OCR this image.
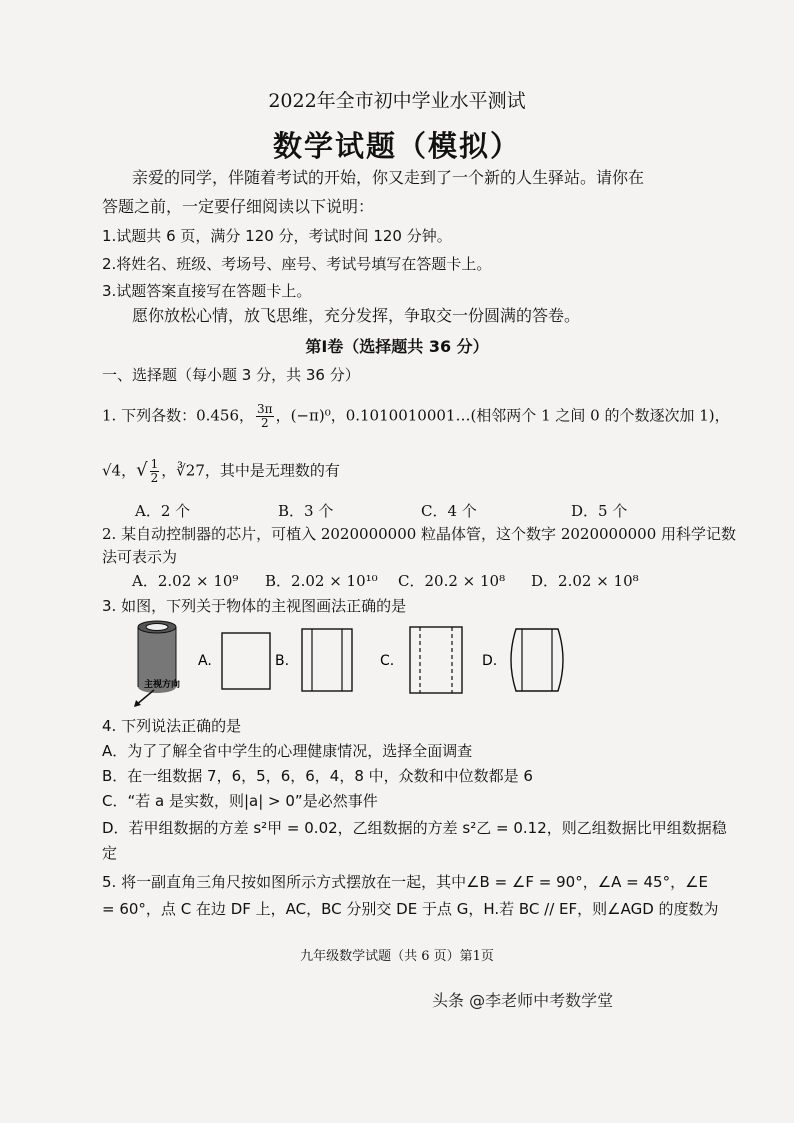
2022年全市初中学业水平测试
数学试题（模拟）
亲爱的同学，伴随着考试的开始，你又走到了一个新的人生驿站。请你在
答题之前，一定要仔细阅读以下说明：
1.试题共 6 页，满分 120 分，考试时间 120 分钟。
2.将姓名、班级、考场号、座号、考试号填写在答题卡上。
3.试题答案直接写在答题卡上。
愿你放松心情，放飞思维，充分发挥，争取交一份圆满的答卷。
第Ⅰ卷（选择题共 36 分）
一、选择题（每小题 3 分，共 36 分）
1. 下列各数：0.456， $\frac{3\pi}{2}$ ，(−π)⁰，0.1010010001…(相邻两个 1 之间 0 的个数逐次加 1)，
√4，√ $\frac{1}{2}$ ，∛27，其中是无理数的有
A．2 个	B．3 个	C．4 个	D．5 个
2. 某自动控制器的芯片，可植入 2020000000 粒晶体管，这个数字 2020000000 用科学记数
法可表示为
A．2.02 × 10⁹ B．2.02 × 10¹⁰ C．20.2 × 10⁸ D．2.02 × 10⁸
3. 如图，下列关于物体的主视图画法正确的是
主视方向
A.	B.	C.	D.
4. 下列说法正确的是
A．为了了解全省中学生的心理健康情况，选择全面调查
B．在一组数据 7，6，5，6，6，4，8 中，众数和中位数都是 6
C．“若 a 是实数，则|a| > 0”是必然事件
D．若甲组数据的方差 s²甲 = 0.02，乙组数据的方差 s²乙 = 0.12，则乙组数据比甲组数据稳
定
5. 将一副直角三角尺按如图所示方式摆放在一起，其中∠B = ∠F = 90°，∠A = 45°，∠E
= 60°，点 C 在边 DF 上，AC，BC 分别交 DE 于点 G，H.若 BC // EF，则∠AGD 的度数为
九年级数学试题（共 6 页）第1页
头条 @李老师中考数学堂
